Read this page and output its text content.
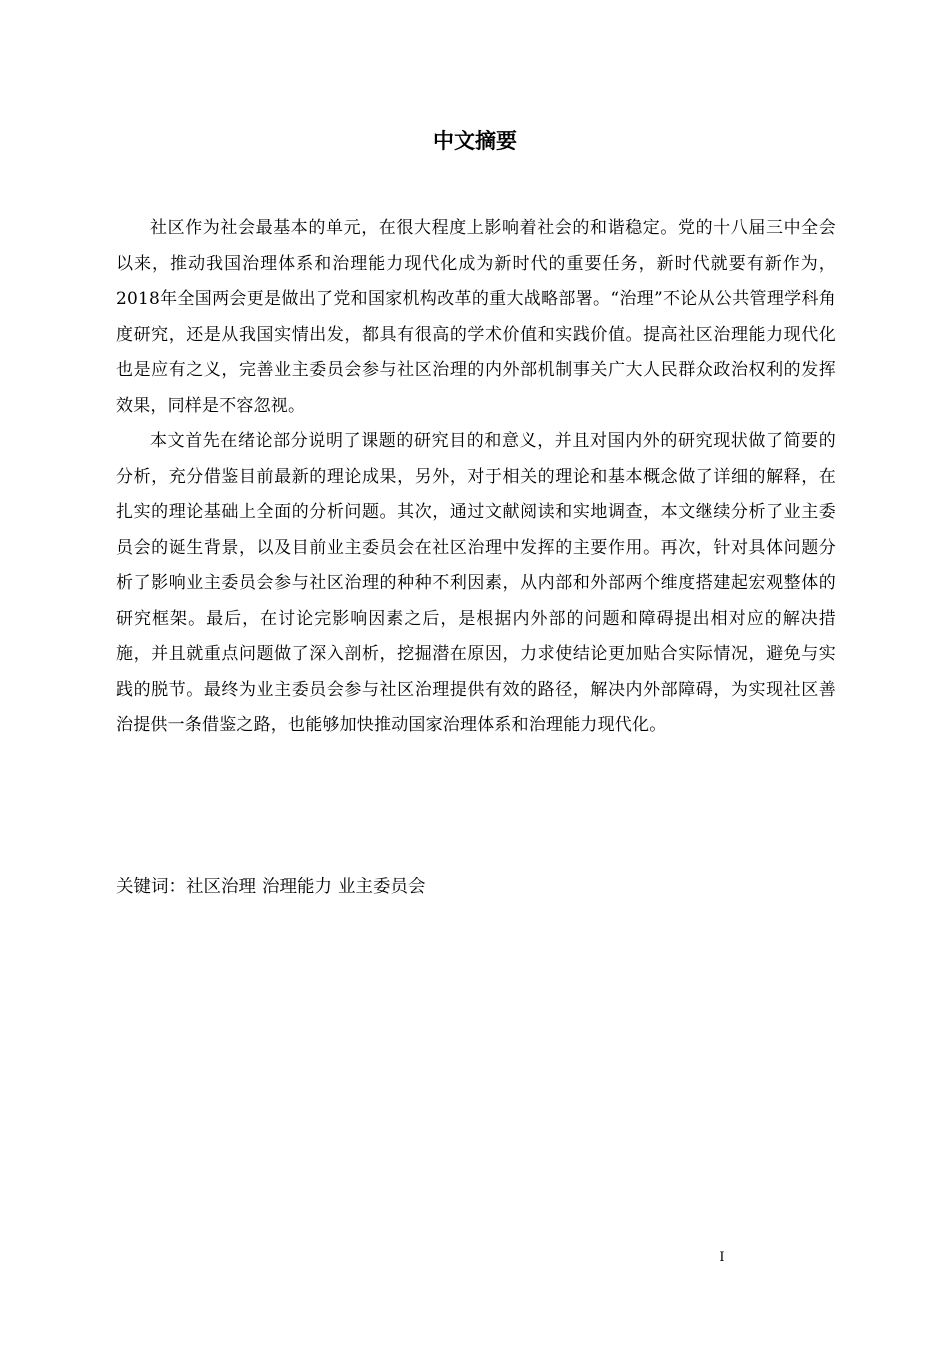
中文摘要

社区作为社会最基本的单元，在很大程度上影响着社会的和谐稳定。党的十八届三中全会以来，推动我国治理体系和治理能力现代化成为新时代的重要任务，新时代就要有新作为，2018年全国两会更是做出了党和国家机构改革的重大战略部署。“治理”不论从公共管理学科角度研究，还是从我国实情出发，都具有很高的学术价值和实践价值。提高社区治理能力现代化也是应有之义，完善业主委员会参与社区治理的内外部机制事关广大人民群众政治权利的发挥效果，同样是不容忽视。

本文首先在绪论部分说明了课题的研究目的和意义，并且对国内外的研究现状做了简要的分析，充分借鉴目前最新的理论成果，另外，对于相关的理论和基本概念做了详细的解释，在扎实的理论基础上全面的分析问题。其次，通过文献阅读和实地调查，本文继续分析了业主委员会的诞生背景，以及目前业主委员会在社区治理中发挥的主要作用。再次，针对具体问题分析了影响业主委员会参与社区治理的种种不利因素，从内部和外部两个维度搭建起宏观整体的研究框架。最后，在讨论完影响因素之后，是根据内外部的问题和障碍提出相对应的解决措施，并且就重点问题做了深入剖析，挖掘潜在原因，力求使结论更加贴合实际情况，避免与实践的脱节。最终为业主委员会参与社区治理提供有效的路径，解决内外部障碍，为实现社区善治提供一条借鉴之路，也能够加快推动国家治理体系和治理能力现代化。

关键词：社区治理 治理能力 业主委员会
I
